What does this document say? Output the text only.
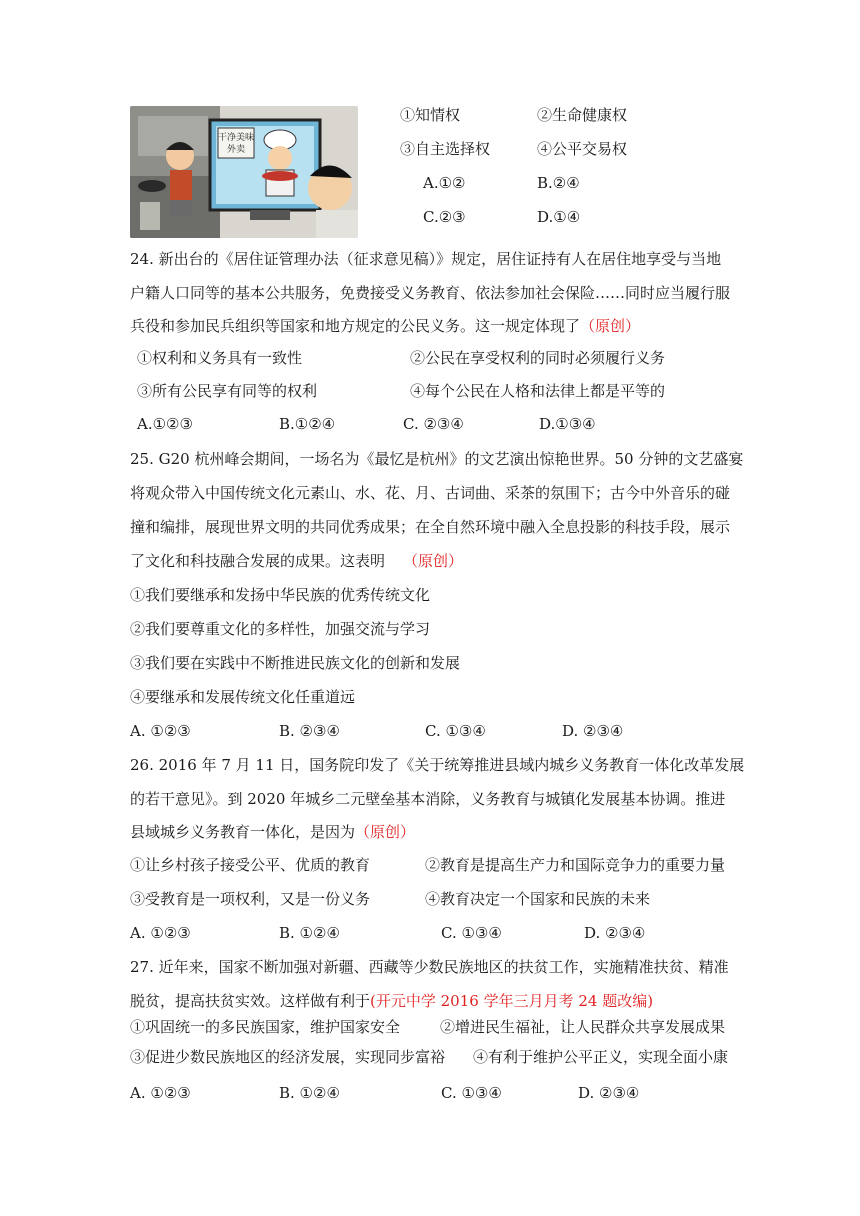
干净美味
外卖
①知情权	②生命健康权
③自主选择权	④公平交易权
A.①②	B.②④
C.②③	D.①④
24. 新出台的《居住证管理办法（征求意见稿）》规定，居住证持有人在居住地享受与当地
户籍人口同等的基本公共服务，免费接受义务教育、依法参加社会保险……同时应当履行服
兵役和参加民兵组织等国家和地方规定的公民义务。这一规定体现了（原创）
①权利和义务具有一致性	②公民在享受权利的同时必须履行义务
③所有公民享有同等的权利	④每个公民在人格和法律上都是平等的
A.①②③	B.①②④	C. ②③④	D.①③④
25. G20 杭州峰会期间，一场名为《最忆是杭州》的文艺演出惊艳世界。50 分钟的文艺盛宴
将观众带入中国传统文化元素山、水、花、月、古词曲、采茶的氛围下；古今中外音乐的碰
撞和编排，展现世界文明的共同优秀成果；在全自然环境中融入全息投影的科技手段，展示
了文化和科技融合发展的成果。这表明 （原创）
①我们要继承和发扬中华民族的优秀传统文化
②我们要尊重文化的多样性，加强交流与学习
③我们要在实践中不断推进民族文化的创新和发展
④要继承和发展传统文化任重道远
A. ①②③	B. ②③④	C. ①③④	D. ②③④
26. 2016 年 7 月 11 日，国务院印发了《关于统筹推进县域内城乡义务教育一体化改革发展
的若干意见》。到 2020 年城乡二元壁垒基本消除，义务教育与城镇化发展基本协调。推进
县域城乡义务教育一体化，是因为（原创）
①让乡村孩子接受公平、优质的教育	②教育是提高生产力和国际竞争力的重要力量
③受教育是一项权利，又是一份义务	④教育决定一个国家和民族的未来
A. ①②③	B. ①②④	C. ①③④	D. ②③④
27. 近年来，国家不断加强对新疆、西藏等少数民族地区的扶贫工作，实施精准扶贫、精准
脱贫，提高扶贫实效。这样做有利于(开元中学 2016 学年三月月考 24 题改编)
①巩固统一的多民族国家，维护国家安全	②增进民生福祉，让人民群众共享发展成果
③促进少数民族地区的经济发展，实现同步富裕 ④有利于维护公平正义，实现全面小康
A. ①②③	B. ①②④	C. ①③④	D. ②③④
